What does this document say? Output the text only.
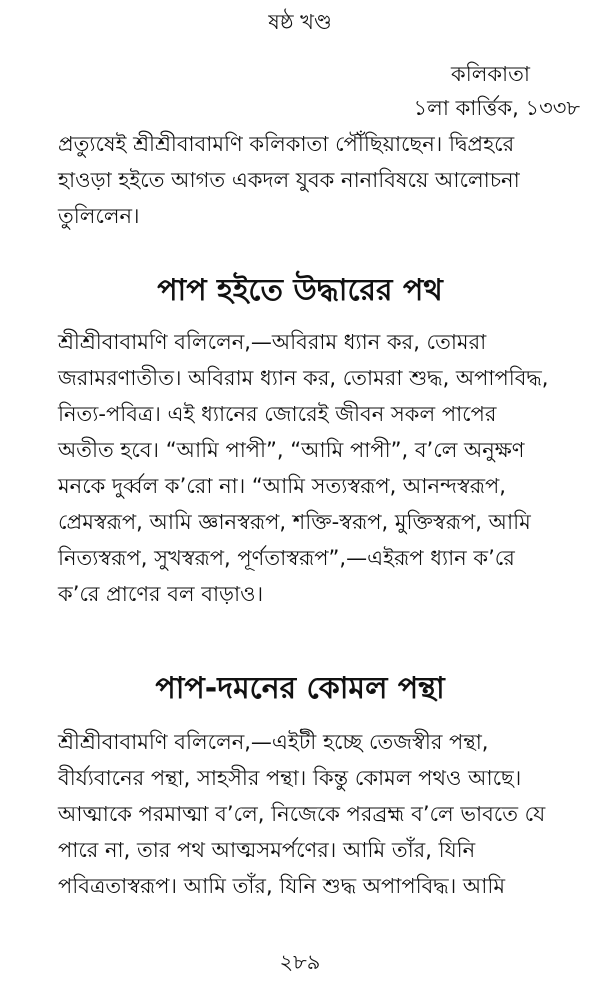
ষষ্ঠ খণ্ড
কলিকাতা
১লা কার্ত্তিক, ১৩৩৮

প্রত্যুষেই শ্রীশ্রীবাবামণি কলিকাতা পৌঁছিয়াছেন। দ্বিপ্রহরে
হাওড়া হইতে আগত একদল যুবক নানাবিষয়ে আলোচনা
তুলিলেন।

পাপ হইতে উদ্ধারের পথ

শ্রীশ্রীবাবামণি বলিলেন,—অবিরাম ধ্যান কর, তোমরা
জরামরণাতীত। অবিরাম ধ্যান কর, তোমরা শুদ্ধ, অপাপবিদ্ধ,
নিত্য-পবিত্র। এই ধ্যানের জোরেই জীবন সকল পাপের
অতীত হবে। “আমি পাপী”, “আমি পাপী”, ব’লে অনুক্ষণ
মনকে দুর্ব্বল ক’রো না। “আমি সত্যস্বরূপ, আনন্দস্বরূপ,
প্রেমস্বরূপ, আমি জ্ঞানস্বরূপ, শক্তি-স্বরূপ, মুক্তিস্বরূপ, আমি
নিত্যস্বরূপ, সুখস্বরূপ, পূর্ণতাস্বরূপ”,—এইরূপ ধ্যান ক’রে
ক’রে প্রাণের বল বাড়াও।

পাপ-দমনের কোমল পন্থা

শ্রীশ্রীবাবামণি বলিলেন,—এইটী হচ্ছে তেজস্বীর পন্থা,
বীর্য্যবানের পন্থা, সাহসীর পন্থা। কিন্তু কোমল পথও আছে।
আত্মাকে পরমাত্মা ব’লে, নিজেকে পরব্রহ্ম ব’লে ভাবতে যে
পারে না, তার পথ আত্মসমর্পণের। আমি তাঁর, যিনি
পবিত্রতাস্বরূপ। আমি তাঁর, যিনি শুদ্ধ অপাপবিদ্ধ। আমি

২৮৯
